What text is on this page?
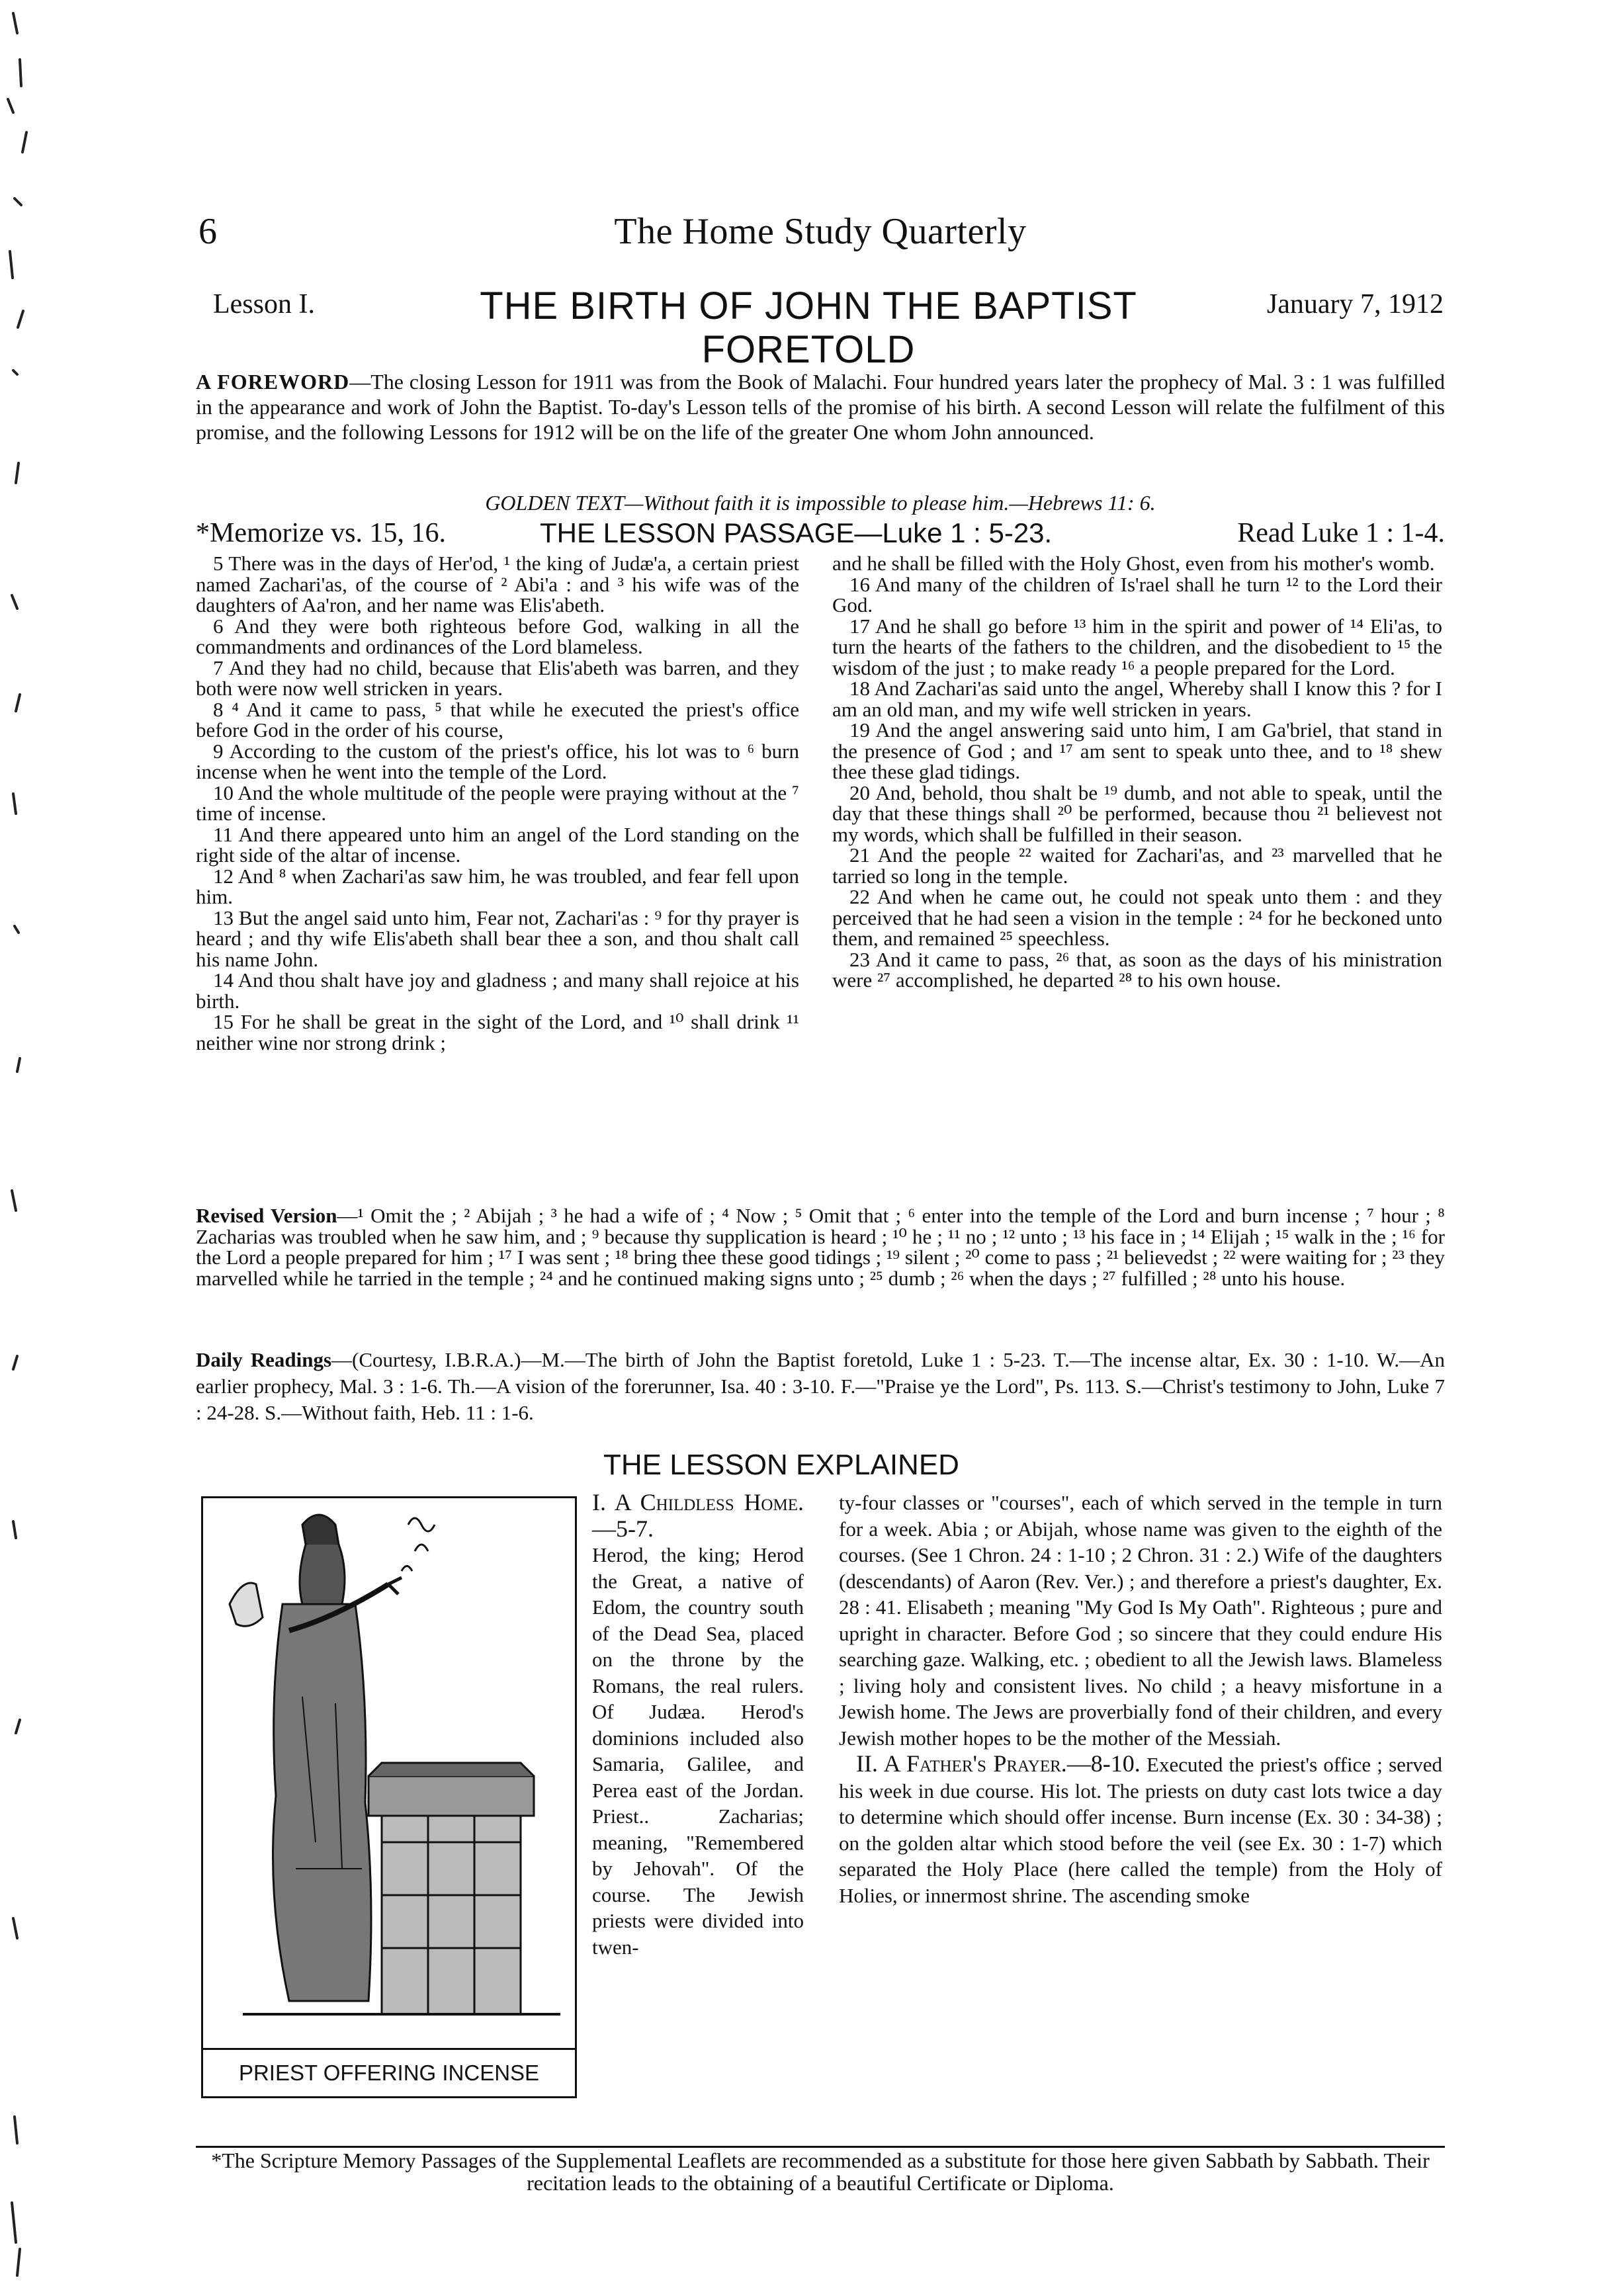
6	The Home Study Quarterly
Lesson I.	THE BIRTH OF JOHN THE BAPTIST
FORETOLD
January 7, 1912
A FOREWORD—The closing Lesson for 1911 was from the Book of Malachi. Four hundred years later the prophecy of Mal. 3 : 1 was fulfilled in the appearance and work of John the Baptist. To-day's Lesson tells of the promise of his birth. A second Lesson will relate the fulfilment of this promise, and the following Lessons for 1912 will be on the life of the greater One whom John announced.
GOLDEN TEXT—Without faith it is impossible to please him.—Hebrews 11: 6.
*Memorize vs. 15, 16.	THE LESSON PASSAGE—Luke 1 : 5-23.	Read Luke 1 : 1-4.

5 There was in the days of Her'od, ¹ the king of Judæ'a, a certain priest named Zachari'as, of the course of ² Abi'a : and ³ his wife was of the daughters of Aa'ron, and her name was Elis'abeth.

6 And they were both righteous before God, walking in all the commandments and ordinances of the Lord blameless.

7 And they had no child, because that Elis'abeth was barren, and they both were now well stricken in years.

8 ⁴ And it came to pass, ⁵ that while he executed the priest's office before God in the order of his course,

9 According to the custom of the priest's office, his lot was to ⁶ burn incense when he went into the temple of the Lord.

10 And the whole multitude of the people were praying without at the ⁷ time of incense.

11 And there appeared unto him an angel of the Lord standing on the right side of the altar of incense.

12 And ⁸ when Zachari'as saw him, he was troubled, and fear fell upon him.

13 But the angel said unto him, Fear not, Zachari'as : ⁹ for thy prayer is heard ; and thy wife Elis'abeth shall bear thee a son, and thou shalt call his name John.

14 And thou shalt have joy and gladness ; and many shall rejoice at his birth.

15 For he shall be great in the sight of the Lord, and ¹⁰ shall drink ¹¹ neither wine nor strong drink ;

and he shall be filled with the Holy Ghost, even from his mother's womb.

16 And many of the children of Is'rael shall he turn ¹² to the Lord their God.

17 And he shall go before ¹³ him in the spirit and power of ¹⁴ Eli'as, to turn the hearts of the fathers to the children, and the disobedient to ¹⁵ the wisdom of the just ; to make ready ¹⁶ a people prepared for the Lord.

18 And Zachari'as said unto the angel, Whereby shall I know this ? for I am an old man, and my wife well stricken in years.

19 And the angel answering said unto him, I am Ga'briel, that stand in the presence of God ; and ¹⁷ am sent to speak unto thee, and to ¹⁸ shew thee these glad tidings.

20 And, behold, thou shalt be ¹⁹ dumb, and not able to speak, until the day that these things shall ²⁰ be performed, because thou ²¹ believest not my words, which shall be fulfilled in their season.

21 And the people ²² waited for Zachari'as, and ²³ marvelled that he tarried so long in the temple.

22 And when he came out, he could not speak unto them : and they perceived that he had seen a vision in the temple : ²⁴ for he beckoned unto them, and remained ²⁵ speechless.

23 And it came to pass, ²⁶ that, as soon as the days of his ministration were ²⁷ accomplished, he departed ²⁸ to his own house.

Revised Version—¹ Omit the ; ² Abijah ; ³ he had a wife of ; ⁴ Now ; ⁵ Omit that ; ⁶ enter into the temple of the Lord and burn incense ; ⁷ hour ; ⁸ Zacharias was troubled when he saw him, and ; ⁹ because thy supplication is heard ; ¹⁰ he ; ¹¹ no ; ¹² unto ; ¹³ his face in ; ¹⁴ Elijah ; ¹⁵ walk in the ; ¹⁶ for the Lord a people prepared for him ; ¹⁷ I was sent ; ¹⁸ bring thee these good tidings ; ¹⁹ silent ; ²⁰ come to pass ; ²¹ believedst ; ²² were waiting for ; ²³ they marvelled while he tarried in the temple ; ²⁴ and he continued making signs unto ; ²⁵ dumb ; ²⁶ when the days ; ²⁷ fulfilled ; ²⁸ unto his house.
Daily Readings—(Courtesy, I.B.R.A.)—M.—The birth of John the Baptist foretold, Luke 1 : 5-23. T.—The incense altar, Ex. 30 : 1-10. W.—An earlier prophecy, Mal. 3 : 1-6. Th.—A vision of the forerunner, Isa. 40 : 3-10. F.—"Praise ye the Lord", Ps. 113. S.—Christ's testimony to John, Luke 7 : 24-28. S.—Without faith, Heb. 11 : 1-6.
THE LESSON EXPLAINED
PRIEST OFFERING INCENSE

I. A Childless Home.—5-7.

Herod, the king; Herod the Great, a native of Edom, the country south of the Dead Sea, placed on the throne by the Romans, the real rulers. Of Judæa. Herod's dominions included also Samaria, Galilee, and Perea east of the Jordan. Priest.. Zacharias; meaning, "Remembered by Jehovah". Of the course. The Jewish priests were divided into twen-

ty-four classes or "courses", each of which served in the temple in turn for a week. Abia ; or Abijah, whose name was given to the eighth of the courses. (See 1 Chron. 24 : 1-10 ; 2 Chron. 31 : 2.) Wife of the daughters (descendants) of Aaron (Rev. Ver.) ; and therefore a priest's daughter, Ex. 28 : 41. Elisabeth ; meaning "My God Is My Oath". Righteous ; pure and upright in character. Before God ; so sincere that they could endure His searching gaze. Walking, etc. ; obedient to all the Jewish laws. Blameless ; living holy and consistent lives. No child ; a heavy misfortune in a Jewish home. The Jews are proverbially fond of their children, and every Jewish mother hopes to be the mother of the Messiah.

II. A Father's Prayer.—8-10. Executed the priest's office ; served his week in due course. His lot. The priests on duty cast lots twice a day to determine which should offer incense. Burn incense (Ex. 30 : 34-38) ; on the golden altar which stood before the veil (see Ex. 30 : 1-7) which separated the Holy Place (here called the temple) from the Holy of Holies, or innermost shrine. The ascending smoke

*The Scripture Memory Passages of the Supplemental Leaflets are recommended as a substitute for those here given Sabbath by Sabbath. Their recitation leads to the obtaining of a beautiful Certificate or Diploma.
